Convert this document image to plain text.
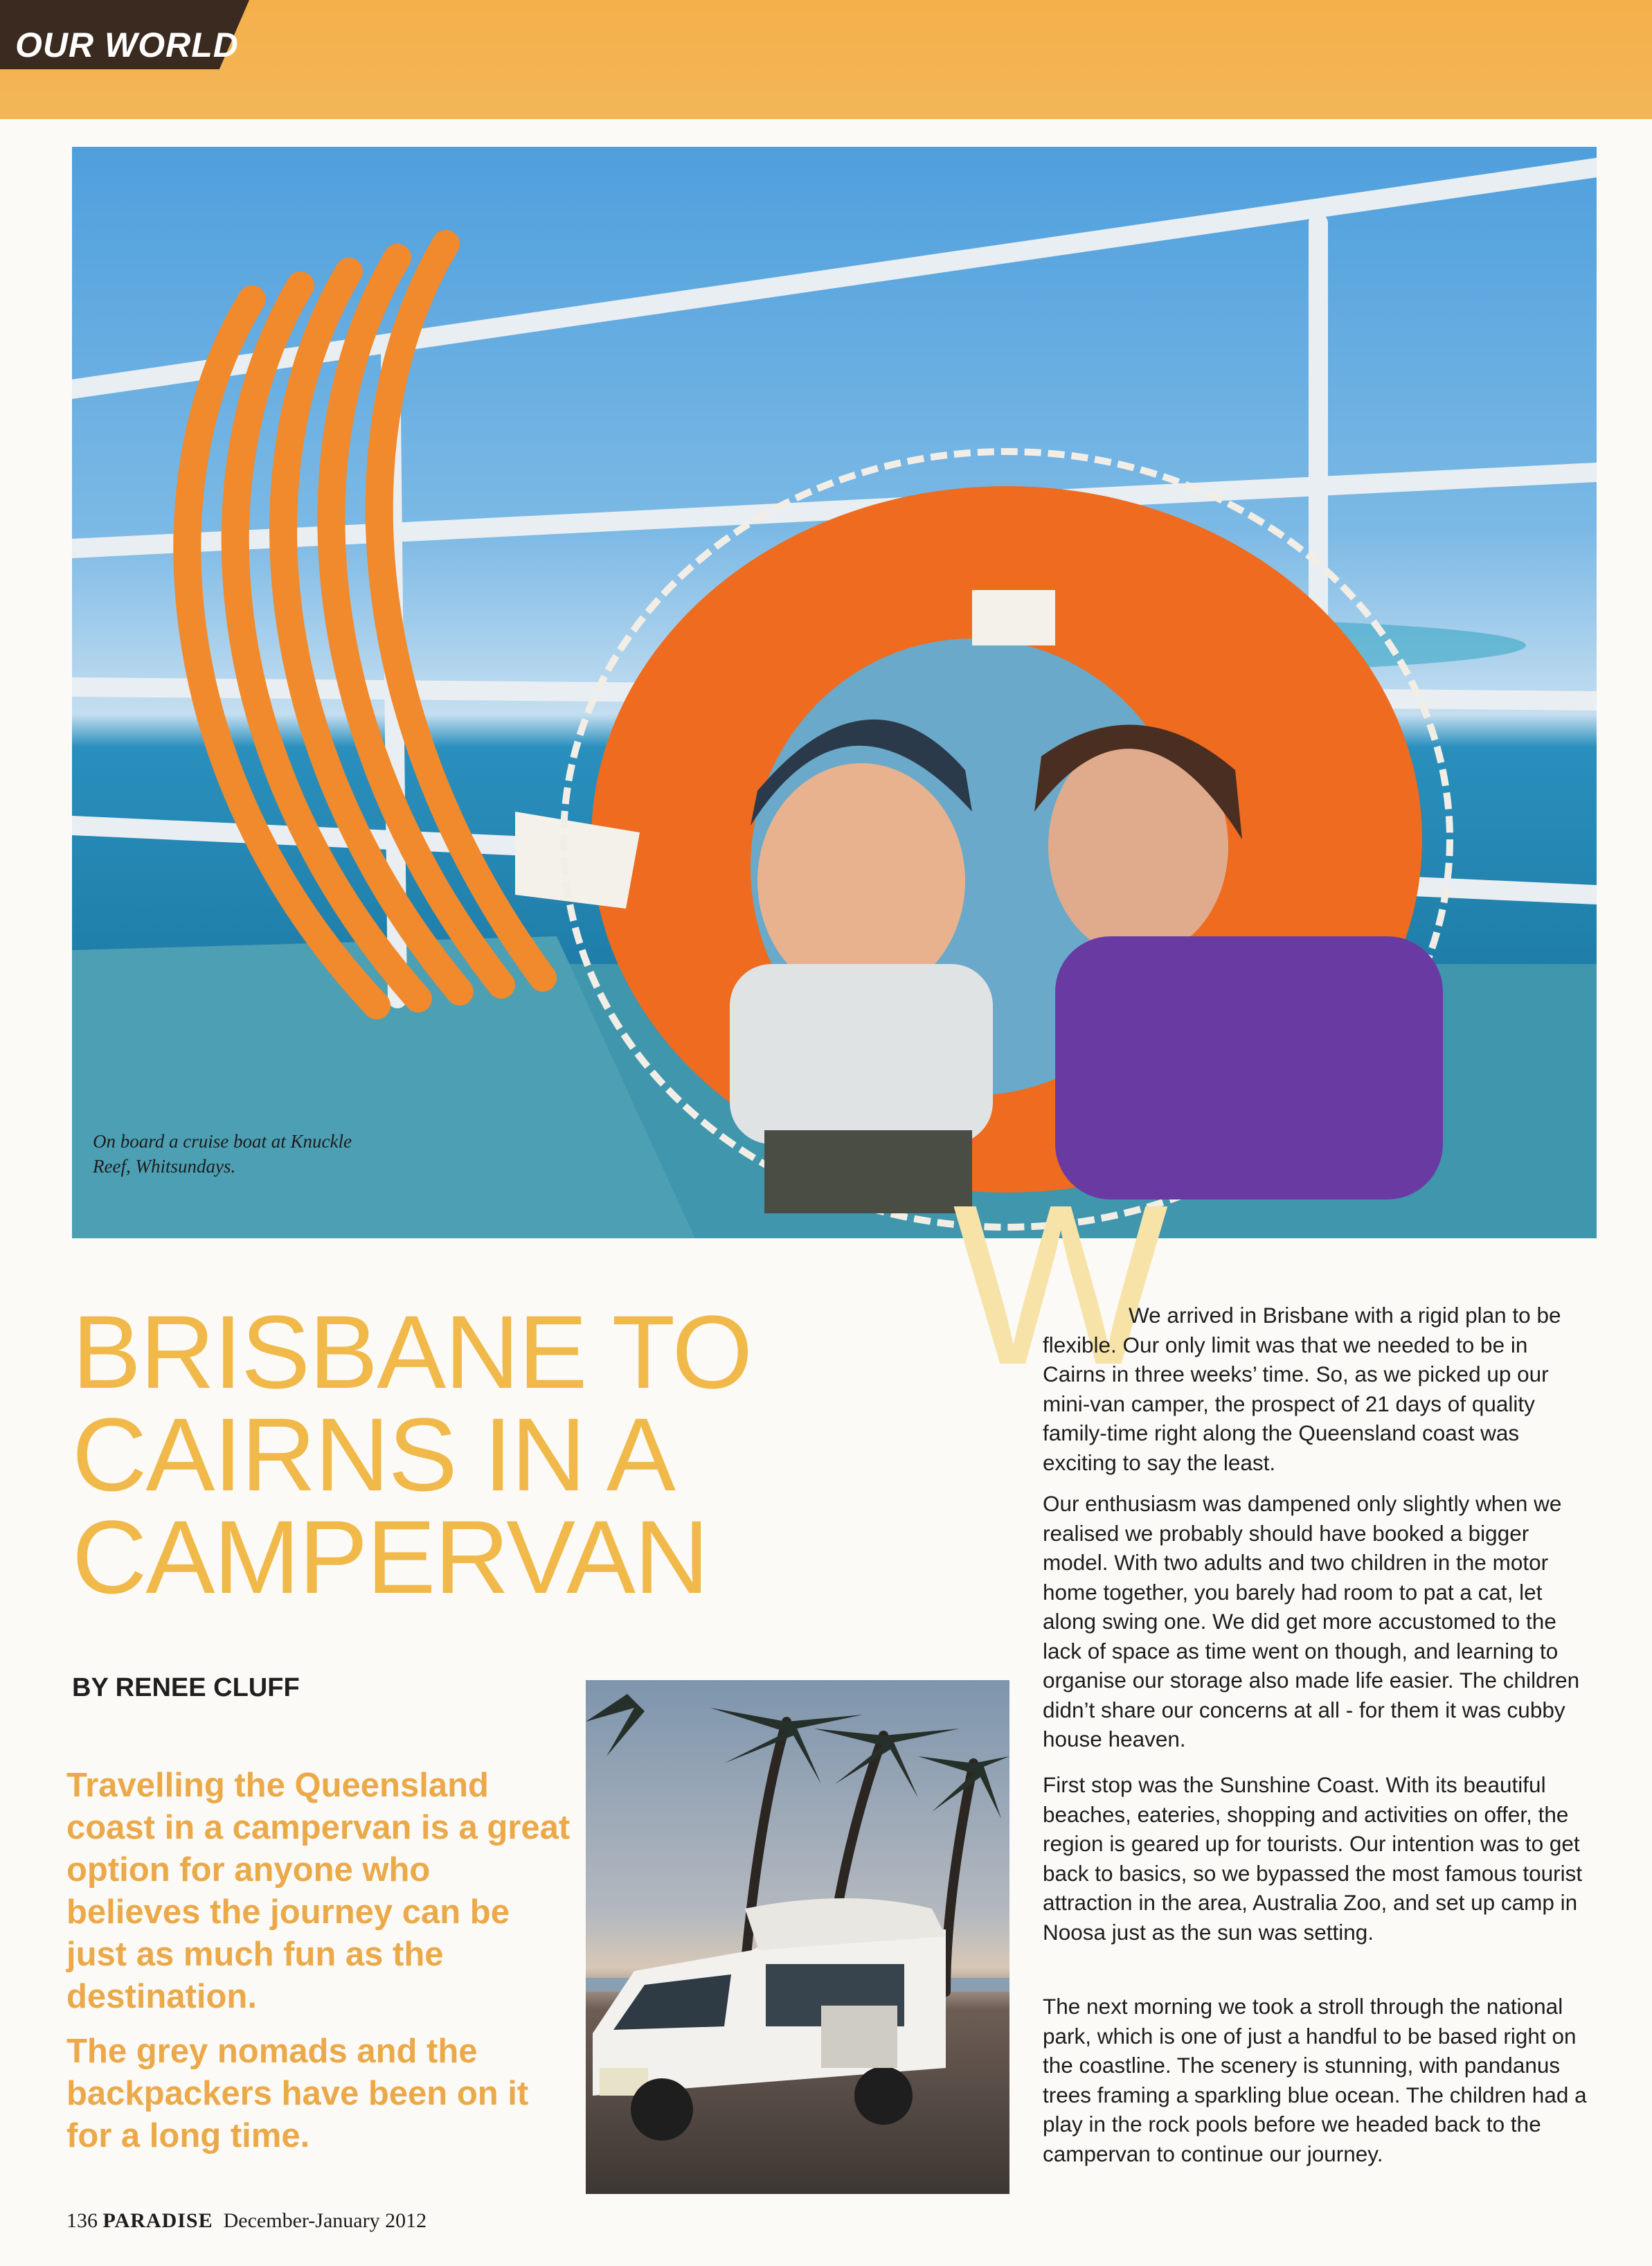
OUR WORLD
On board a cruise boat at Knuckle Reef, Whitsundays.	W
BRISBANE TO
CAIRNS IN A
CAMPERVAN
BY RENEE CLUFF

Travelling the Queensland coast in a campervan is a great option for anyone who believes the journey can be just as much fun as the destination.

The grey nomads and the backpackers have been on it for a long time.

We arrived in Brisbane with a rigid plan to be flexible. Our only limit was that we needed to be in Cairns in three weeks’ time. So, as we picked up our mini-van camper, the prospect of 21 days of quality family-time right along the Queensland coast was exciting to say the least.

Our enthusiasm was dampened only slightly when we realised we probably should have booked a bigger model. With two adults and two children in the motor home together, you barely had room to pat a cat, let along swing one. We did get more accustomed to the lack of space as time went on though, and learning to organise our storage also made life easier. The children didn’t share our concerns at all - for them it was cubby house heaven.

First stop was the Sunshine Coast. With its beautiful beaches, eateries, shopping and activities on offer, the region is geared up for tourists. Our intention was to get back to basics, so we bypassed the most famous tourist attraction in the area, Australia Zoo, and set up camp in Noosa just as the sun was setting.

The next morning we took a stroll through the national park, which is one of just a handful to be based right on the coastline. The scenery is stunning, with pandanus trees framing a sparkling blue ocean. The children had a play in the rock pools before we headed back to the campervan to continue our journey.

136 PARADISE December-January 2012
